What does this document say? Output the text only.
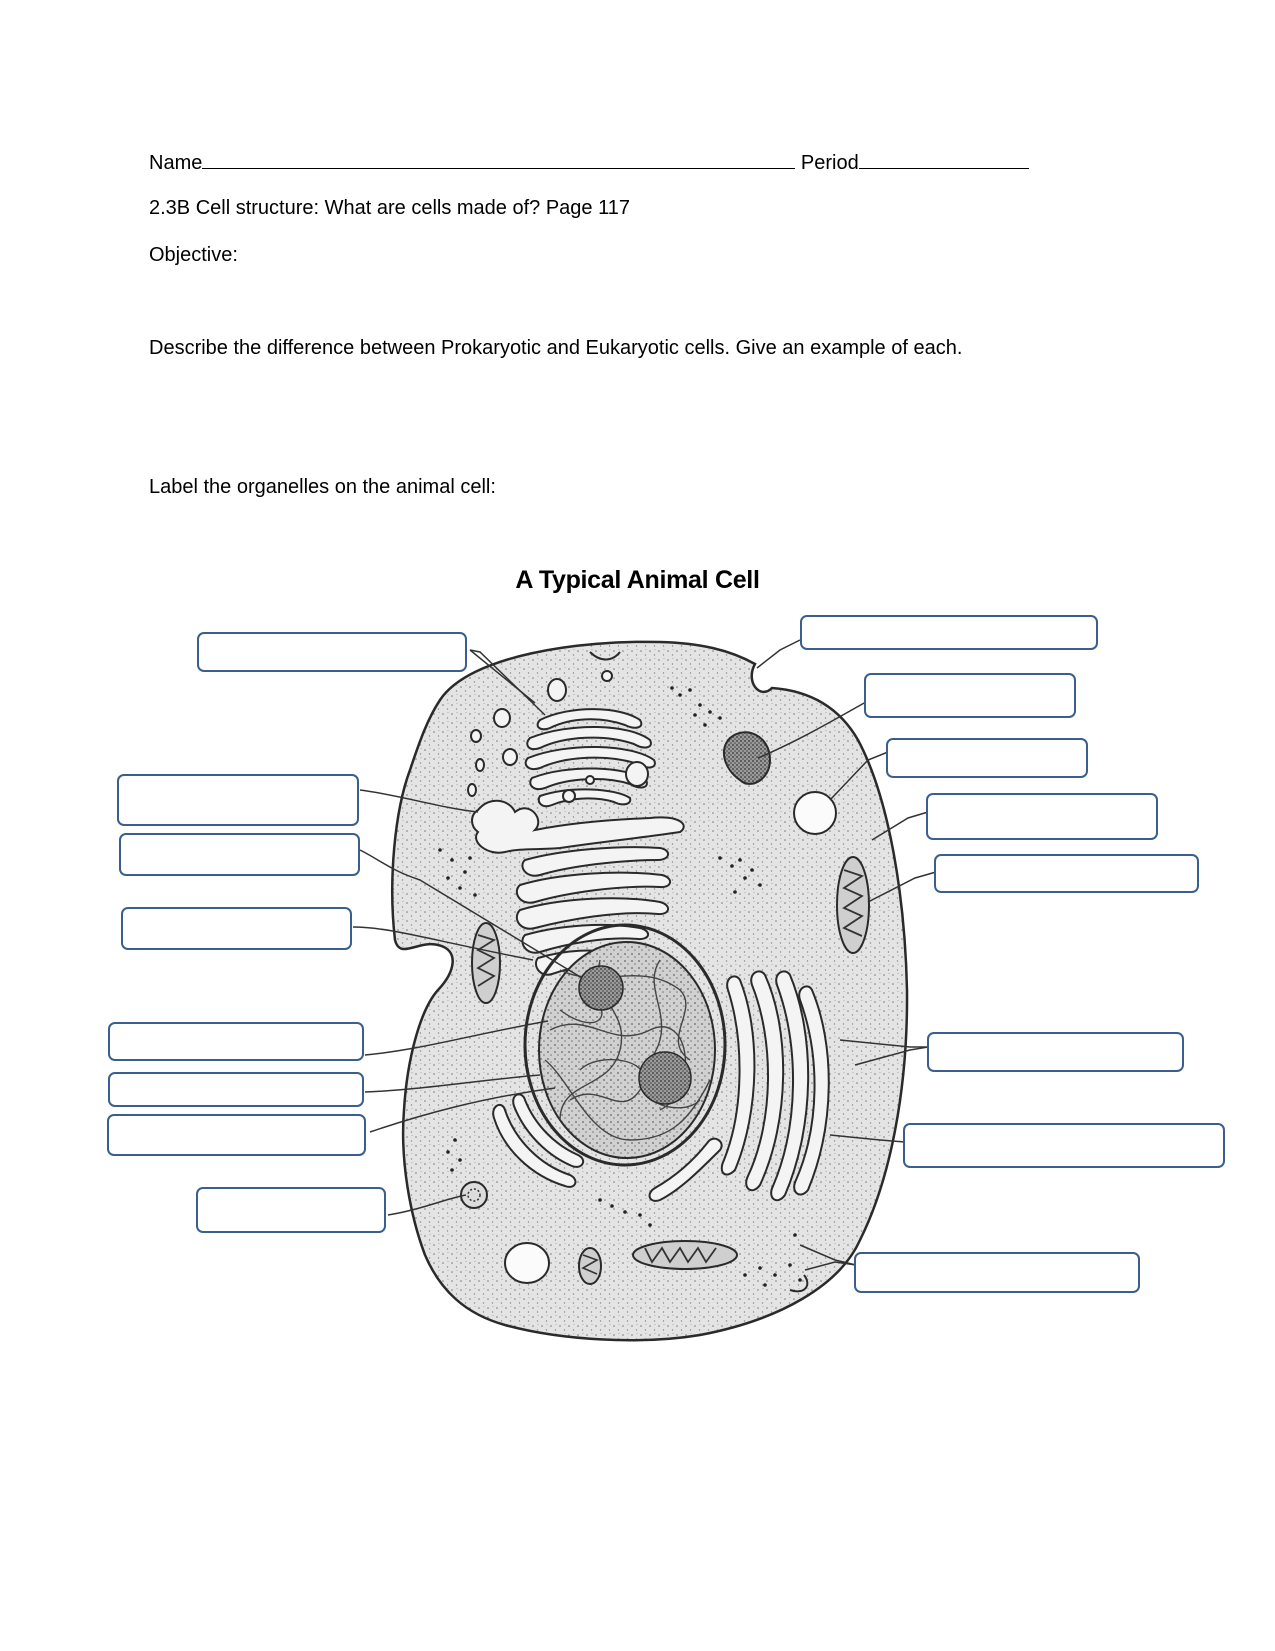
Name	Period
2.3B Cell structure: What are cells made of? Page 117
Objective:
Describe the difference between Prokaryotic and Eukaryotic cells. Give an example of each.
Label the organelles on the animal cell:
A Typical Animal Cell
